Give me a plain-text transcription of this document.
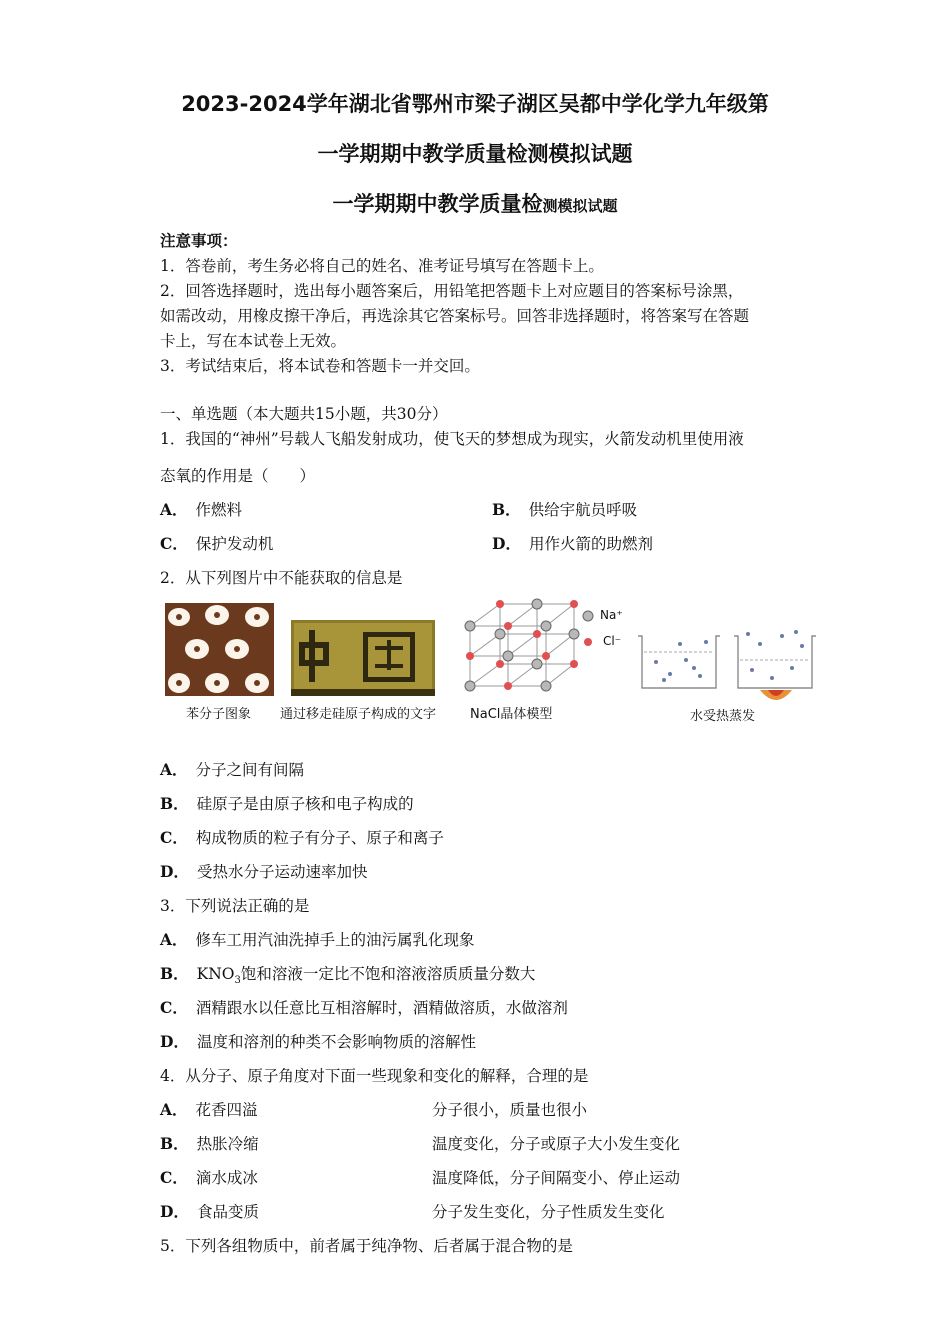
2023-2024学年湖北省鄂州市梁子湖区吴都中学化学九年级第
一学期期中教学质量检测模拟试题
一学期期中教学质量检测模拟试题
注意事项：
1．答卷前，考生务必将自己的姓名、准考证号填写在答题卡上。
2．回答选择题时，选出每小题答案后，用铅笔把答题卡上对应题目的答案标号涂黑，
如需改动，用橡皮擦干净后，再选涂其它答案标号。回答非选择题时，将答案写在答题
卡上，写在本试卷上无效。
3．考试结束后，将本试卷和答题卡一并交回。
一、单选题（本大题共15小题，共30分）
1．我国的“神州”号载人飞船发射成功，使飞天的梦想成为现实，火箭发动机里使用液
态氧的作用是（　　）
A． 作燃料	B． 供给宇航员呼吸
C． 保护发动机	D． 用作火箭的助燃剂
2．从下列图片中不能获取的信息是
苯分子图象 通过移走硅原子构成的文字
Na⁺
Cl⁻
NaCl晶体模型	水受热蒸发
A． 分子之间有间隔
B． 硅原子是由原子核和电子构成的
C． 构成物质的粒子有分子、原子和离子
D． 受热水分子运动速率加快
3．下列说法正确的是
A． 修车工用汽油洗掉手上的油污属乳化现象
B． $KNO_3$饱和溶液一定比不饱和溶液溶质质量分数大
C． 酒精跟水以任意比互相溶解时，酒精做溶质，水做溶剂
D． 温度和溶剂的种类不会影响物质的溶解性
4．从分子、原子角度对下面一些现象和变化的解释，合理的是
A． 花香四溢	分子很小，质量也很小
B． 热胀冷缩	温度变化，分子或原子大小发生变化
C． 滴水成冰	温度降低，分子间隔变小、停止运动
D． 食品变质	分子发生变化，分子性质发生变化
5．下列各组物质中，前者属于纯净物、后者属于混合物的是
